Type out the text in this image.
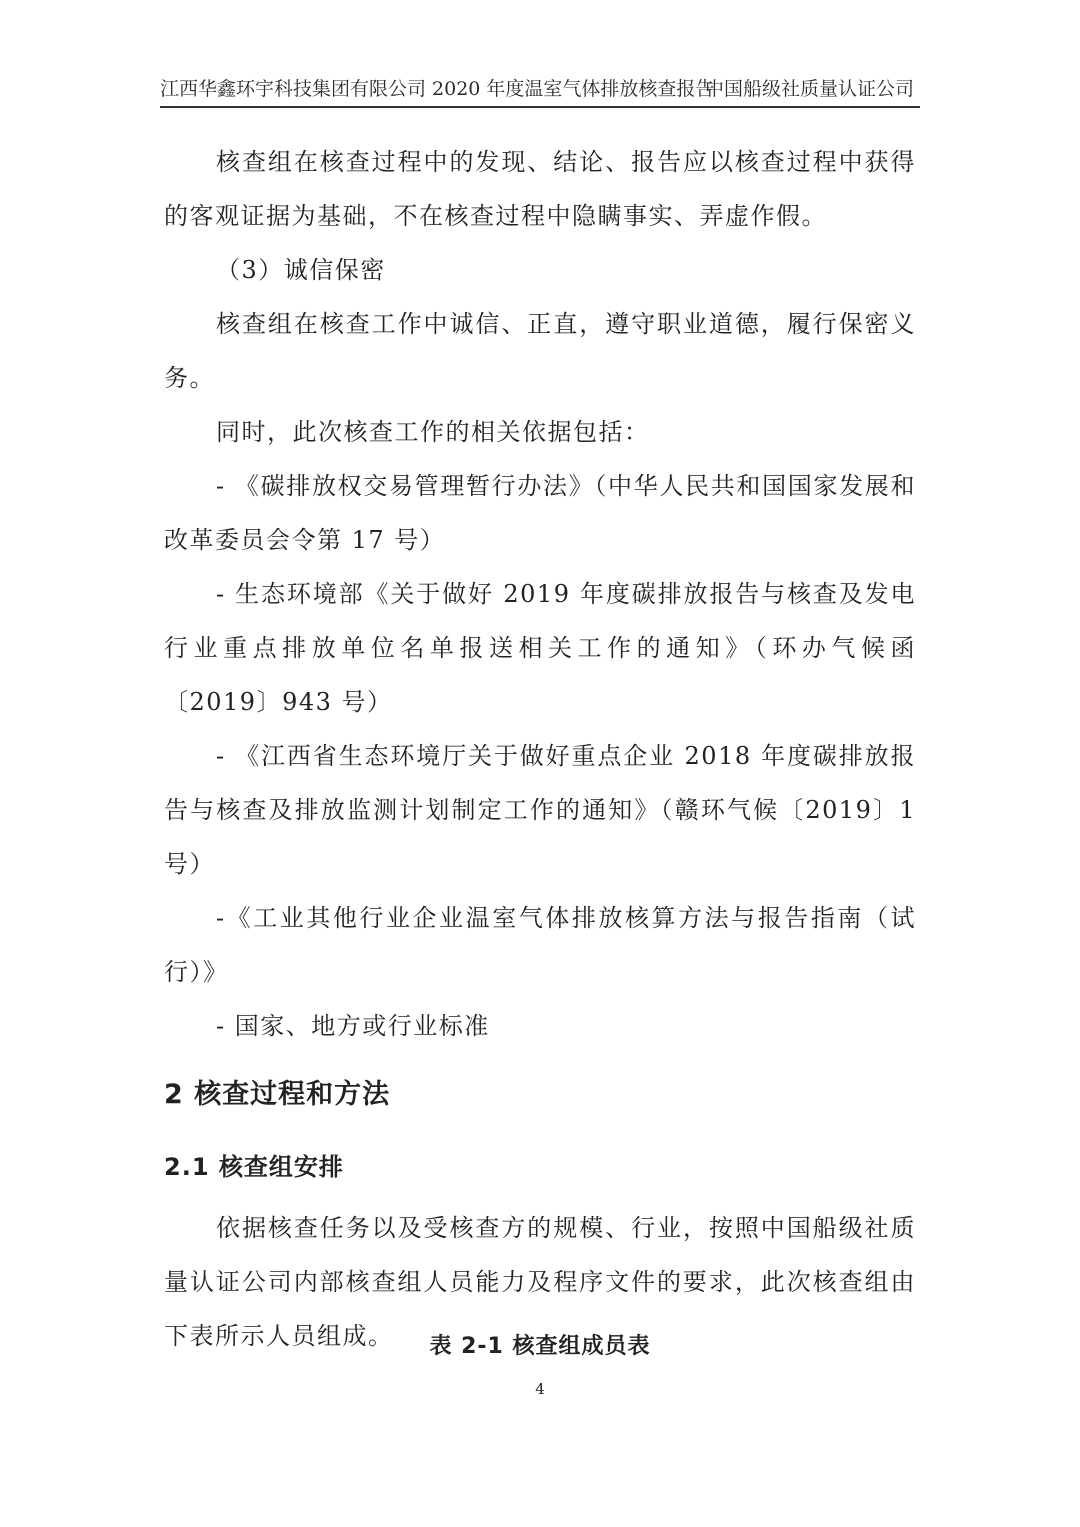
江西华鑫环宇科技集团有限公司 2020 年度温室气体排放核查报告
中国船级社质量认证公司

核查组在核查过程中的发现、结论、报告应以核查过程中获得的客观证据为基础，不在核查过程中隐瞒事实、弄虚作假。

（3）诚信保密

核查组在核查工作中诚信、正直，遵守职业道德，履行保密义务。

同时，此次核查工作的相关依据包括：

- 《碳排放权交易管理暂行办法》（中华人民共和国国家发展和改革委员会令第 17 号）

- 生态环境部《关于做好 2019 年度碳排放报告与核查及发电行业重点排放单位名单报送相关工作的通知》（环办气候函〔2019〕943 号）

- 《江西省生态环境厅关于做好重点企业 2018 年度碳排放报告与核查及排放监测计划制定工作的通知》（赣环气候〔2019〕1 号）

-《工业其他行业企业温室气体排放核算方法与报告指南（试行）》

- 国家、地方或行业标准

2 核查过程和方法
2.1 核查组安排

依据核查任务以及受核查方的规模、行业，按照中国船级社质量认证公司内部核查组人员能力及程序文件的要求，此次核查组由下表所示人员组成。	表 2-1 核查组成员表
4
